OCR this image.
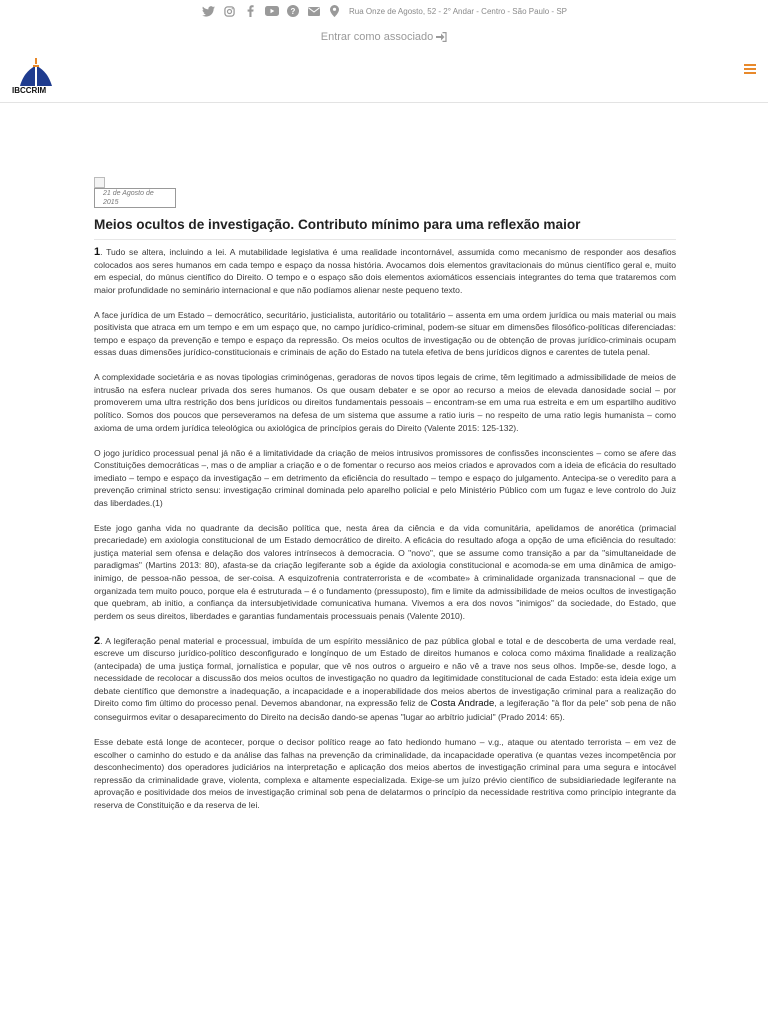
?	Rua Onze de Agosto, 52 - 2° Andar - Centro - São Paulo - SP
Entrar como associado
IBCCRIM
21 de Agosto de 2015
Meios ocultos de investigação. Contributo mínimo para uma reflexão maior

1. Tudo se altera, incluindo a lei. A mutabilidade legislativa é uma realidade incontornável, assumida como mecanismo de responder aos desafios colocados aos seres humanos em cada tempo e espaço da nossa história. Avocamos dois elementos gravitacionais do múnus científico geral e, muito em especial, do múnus científico do Direito. O tempo e o espaço são dois elementos axiomáticos essenciais integrantes do tema que trataremos com maior profundidade no seminário internacional e que não podíamos alienar neste pequeno texto.

A face jurídica de um Estado – democrático, securitário, justicialista, autoritário ou totalitário – assenta em uma ordem jurídica ou mais material ou mais positivista que atraca em um tempo e em um espaço que, no campo jurídico-criminal, podem-se situar em dimensões filosófico-políticas diferenciadas: tempo e espaço da prevenção e tempo e espaço da repressão. Os meios ocultos de investigação ou de obtenção de provas jurídico-criminais ocupam essas duas dimensões jurídico-constitucionais e criminais de ação do Estado na tutela efetiva de bens jurídicos dignos e carentes de tutela penal.

A complexidade societária e as novas tipologias criminógenas, geradoras de novos tipos legais de crime, têm legitimado a admissibilidade de meios de intrusão na esfera nuclear privada dos seres humanos. Os que ousam debater e se opor ao recurso a meios de elevada danosidade social – por promoverem uma ultra restrição dos bens jurídicos ou direitos fundamentais pessoais – encontram-se em uma rua estreita e em um espartilho auditivo político. Somos dos poucos que perseveramos na defesa de um sistema que assume a ratio iuris – no respeito de uma ratio legis humanista – como axioma de uma ordem jurídica teleológica ou axiológica de princípios gerais do Direito (Valente 2015: 125-132).

O jogo jurídico processual penal já não é a limitatividade da criação de meios intrusivos promissores de confissões inconscientes – como se afere das Constituições democráticas –, mas o de ampliar a criação e o de fomentar o recurso aos meios criados e aprovados com a ideia de eficácia do resultado imediato – tempo e espaço da investigação – em detrimento da eficiência do resultado – tempo e espaço do julgamento. Antecipa-se o veredito para a prevenção criminal stricto sensu: investigação criminal dominada pelo aparelho policial e pelo Ministério Público com um fugaz e leve controlo do Juiz das liberdades.(1)

Este jogo ganha vida no quadrante da decisão política que, nesta área da ciência e da vida comunitária, apelidamos de anorética (primacial precariedade) em axiologia constitucional de um Estado democrático de direito. A eficácia do resultado afoga a opção de uma eficiência do resultado: justiça material sem ofensa e delação dos valores intrínsecos à democracia. O "novo", que se assume como transição a par da "simultaneidade de paradigmas" (Martins 2013: 80), afasta-se da criação legiferante sob a égide da axiologia constitucional e acomoda-se em uma dinâmica de amigo-inimigo, de pessoa-não pessoa, de ser-coisa. A esquizofrenia contraterrorista e de «combate» à criminalidade organizada transnacional – que de organizada tem muito pouco, porque ela é estruturada – é o fundamento (pressuposto), fim e limite da admissibilidade de meios ocultos de investigação que quebram, ab initio, a confiança da intersubjetividade comunicativa humana. Vivemos a era dos novos "inimigos" da sociedade, do Estado, que perdem os seus direitos, liberdades e garantias fundamentais processuais penais (Valente 2010).

2. A legiferação penal material e processual, imbuída de um espírito messiânico de paz pública global e total e de descoberta de uma verdade real, escreve um discurso jurídico-político desconfigurado e longínquo de um Estado de direitos humanos e coloca como máxima finalidade a realização (antecipada) de uma justiça formal, jornalística e popular, que vê nos outros o argueiro e não vê a trave nos seus olhos. Impõe-se, desde logo, a necessidade de recolocar a discussão dos meios ocultos de investigação no quadro da legitimidade constitucional de cada Estado: esta ideia exige um debate científico que demonstre a inadequação, a incapacidade e a inoperabilidade dos meios abertos de investigação criminal para a realização do Direito como fim último do processo penal. Devemos abandonar, na expressão feliz de Costa Andrade, a legiferação "à flor da pele" sob pena de não conseguirmos evitar o desaparecimento do Direito na decisão dando-se apenas "lugar ao arbítrio judicial" (Prado 2014: 65).

Esse debate está longe de acontecer, porque o decisor político reage ao fato hediondo humano – v.g., ataque ou atentado terrorista – em vez de escolher o caminho do estudo e da análise das falhas na prevenção da criminalidade, da incapacidade operativa (e quantas vezes incompetência por desconhecimento) dos operadores judiciários na interpretação e aplicação dos meios abertos de investigação criminal para uma segura e intocável repressão da criminalidade grave, violenta, complexa e altamente especializada. Exige-se um juízo prévio científico de subsidiariedade legiferante na aprovação e positividade dos meios de investigação criminal sob pena de delatarmos o princípio da necessidade restritiva como princípio integrante da reserva de Constituição e da reserva de lei.
